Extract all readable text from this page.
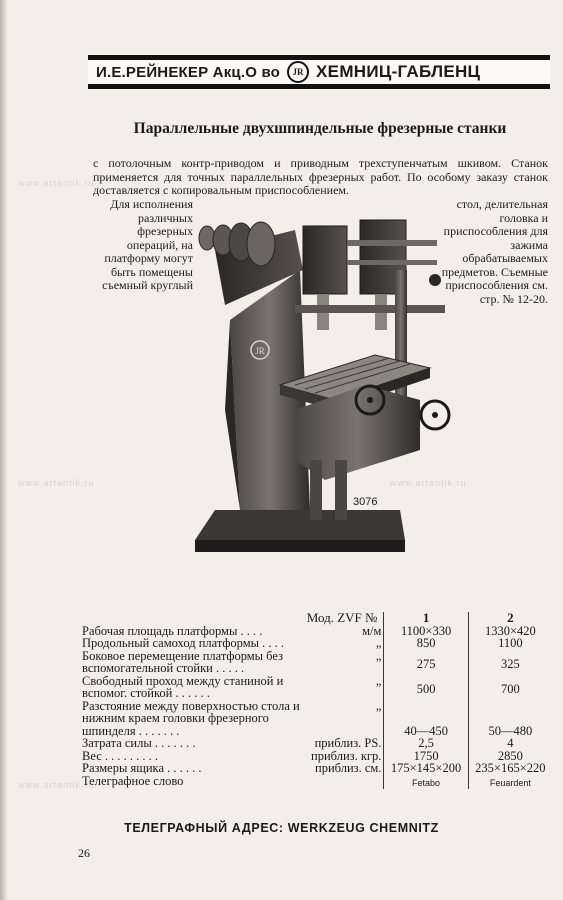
www.artantik.ru
www.artantik.ru
www.artantik.ru
www.artantik.ru
И.Е.РЕЙНЕКЕР Акц.О во	JR ХЕМНИЦ-ГАБЛЕНЦ
Параллельные двухшпиндельные фрезерные станки
с потолочным контр-приводом и приводным трехступенчатым шкивом. Станок применяется для точных параллельных фрезерных работ. По особому заказу станок доставляется с копировальным приспособлением.
Для исполнения различных фрезерных операций, на платформу могут быть помещены съемный круглый
стол, делительная головка и приспособления для зажима обрабатываемых предметов. Съемные приспособления см. стр. № 12-20.
JR
3076
Мод. ZVF №		1	2
Рабочая площадь платформы . . . .	м/м	1100×330	1330×420
Продольный самоход платформы . . . .	„	850	1100
Боковое перемещение платформы без вспомогательной стойки . . . . .	„	275	325
Свободный проход между станиной и вспомог. стойкой . . . . . .	„	500	700
Разстояние между поверхностью стола и нижним краем головки фрезерного шпинделя . . . . . . .	„	40—450	50—480
Затрата силы . . . . . . .	приблиз. PS.	2,5	4
Вес . . . . . . . . .	приблиз. кгр.	1750	2850
Размеры ящика . . . . . .	приблиз. см.	175×145×200	235×165×220
Телеграфное слово		Fetabo	Feuardent
ТЕЛЕГРАФНЫЙ АДРЕС: WERKZEUG CHEMNITZ
26
